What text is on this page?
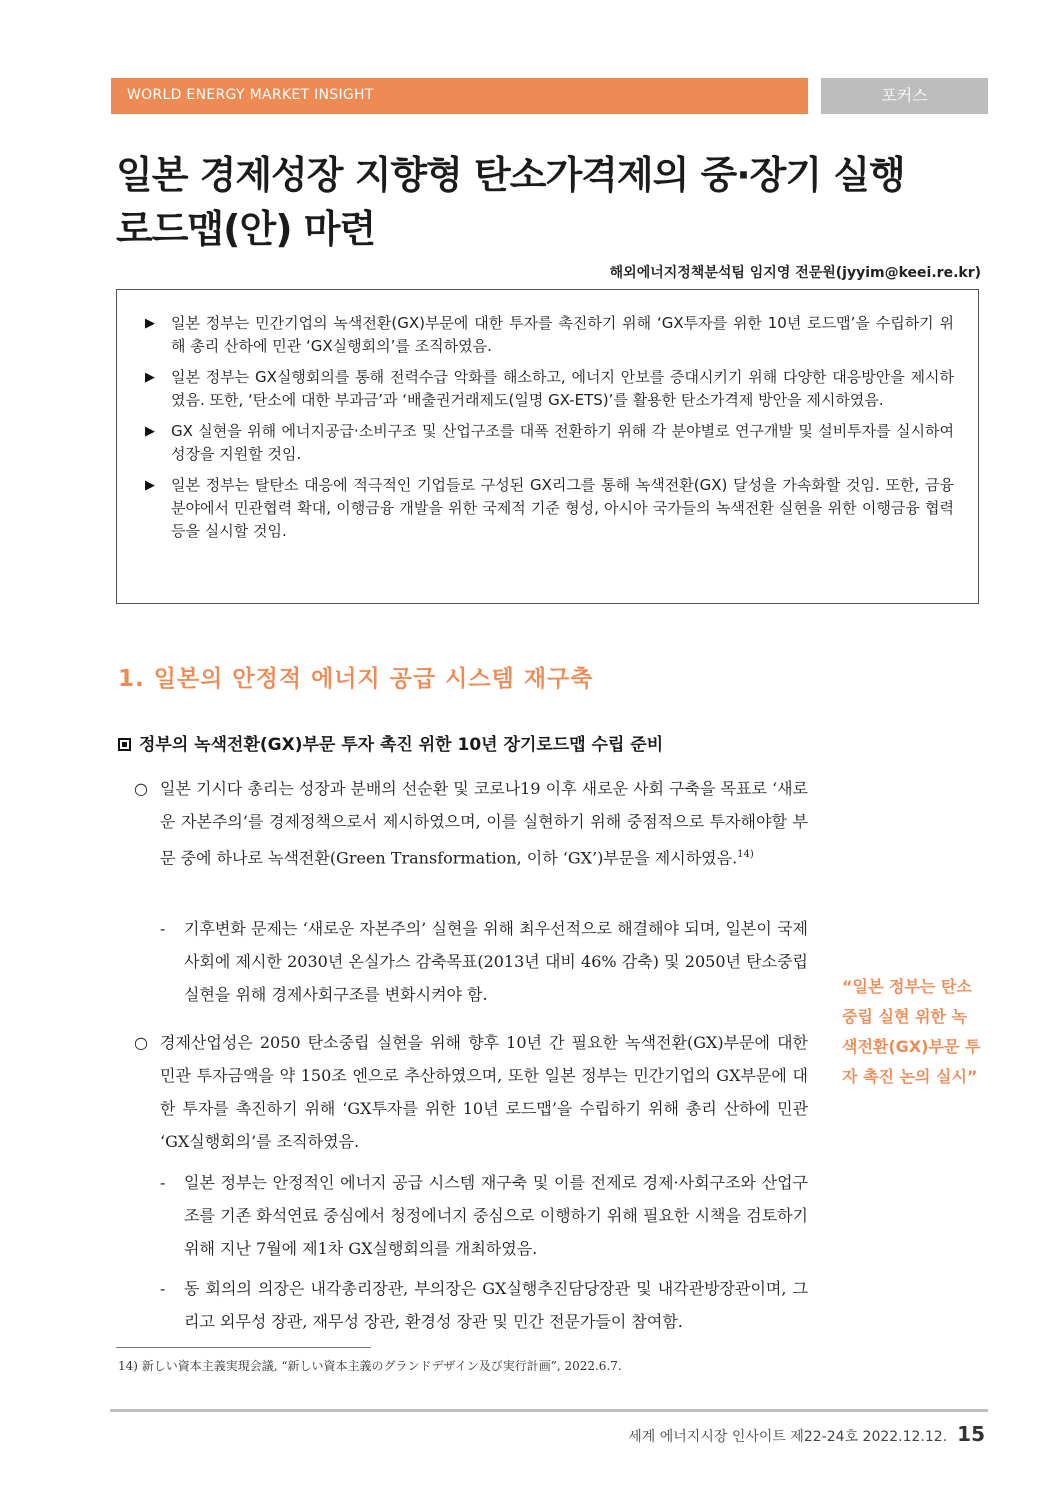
WORLD ENERGY MARKET INSIGHT	포커스
일본 경제성장 지향형 탄소가격제의 중·장기 실행
로드맵(안) 마련
해외에너지정책분석팀 임지영 전문원(jyyim@keei.re.kr)
▶ 일본 정부는 민간기업의 녹색전환(GX)부문에 대한 투자를 촉진하기 위해 ‘GX투자를 위한 10년 로드맵’을 수립하기 위해 총리 산하에 민관 ‘GX실행회의’를 조직하였음.
▶ 일본 정부는 GX실행회의를 통해 전력수급 악화를 해소하고, 에너지 안보를 증대시키기 위해 다양한 대응방안을 제시하였음. 또한, ‘탄소에 대한 부과금’과 ‘배출권거래제도(일명 GX-ETS)’를 활용한 탄소가격제 방안을 제시하였음.
▶ GX 실현을 위해 에너지공급·소비구조 및 산업구조를 대폭 전환하기 위해 각 분야별로 연구개발 및 설비투자를 실시하여 성장을 지원할 것임.
▶ 일본 정부는 탈탄소 대응에 적극적인 기업들로 구성된 GX리그를 통해 녹색전환(GX) 달성을 가속화할 것임. 또한, 금융분야에서 민관협력 확대, 이행금융 개발을 위한 국제적 기준 형성, 아시아 국가들의 녹색전환 실현을 위한 이행금융 협력 등을 실시할 것임.
1. 일본의 안정적 에너지 공급 시스템 재구축
정부의 녹색전환(GX)부문 투자 촉진 위한 10년 장기로드맵 수립 준비
○ 일본 기시다 총리는 성장과 분배의 선순환 및 코로나19 이후 새로운 사회 구축을 목표로 ‘새로운 자본주의’를 경제정책으로서 제시하였으며, 이를 실현하기 위해 중점적으로 투자해야할 부문 중에 하나로 녹색전환(Green Transformation, 이하 ‘GX’)부문을 제시하였음.$^{14)}$
- 기후변화 문제는 ‘새로운 자본주의’ 실현을 위해 최우선적으로 해결해야 되며, 일본이 국제사회에 제시한 2030년 온실가스 감축목표(2013년 대비 46% 감축) 및 2050년 탄소중립 실현을 위해 경제사회구조를 변화시켜야 함.
○ 경제산업성은 2050 탄소중립 실현을 위해 향후 10년 간 필요한 녹색전환(GX)부문에 대한 민관 투자금액을 약 150조 엔으로 추산하였으며, 또한 일본 정부는 민간기업의 GX부문에 대한 투자를 촉진하기 위해 ‘GX투자를 위한 10년 로드맵’을 수립하기 위해 총리 산하에 민관 ‘GX실행회의’를 조직하였음.
- 일본 정부는 안정적인 에너지 공급 시스템 재구축 및 이를 전제로 경제·사회구조와 산업구조를 기존 화석연료 중심에서 청정에너지 중심으로 이행하기 위해 필요한 시책을 검토하기 위해 지난 7월에 제1차 GX실행회의를 개최하였음.
- 동 회의의 의장은 내각총리장관, 부의장은 GX실행추진담당장관 및 내각관방장관이며, 그리고 외무성 장관, 재무성 장관, 환경성 장관 및 민간 전문가들이 참여함.
“일본 정부는 탄소중립 실현 위한 녹색전환(GX)부문 투자 촉진 논의 실시”
14) 新しい資本主義実現会議, “新しい資本主義のグランドデザイン及び実行計画”, 2022.6.7.
세계 에너지시장 인사이트 제22-24호 2022.12.12. 15
